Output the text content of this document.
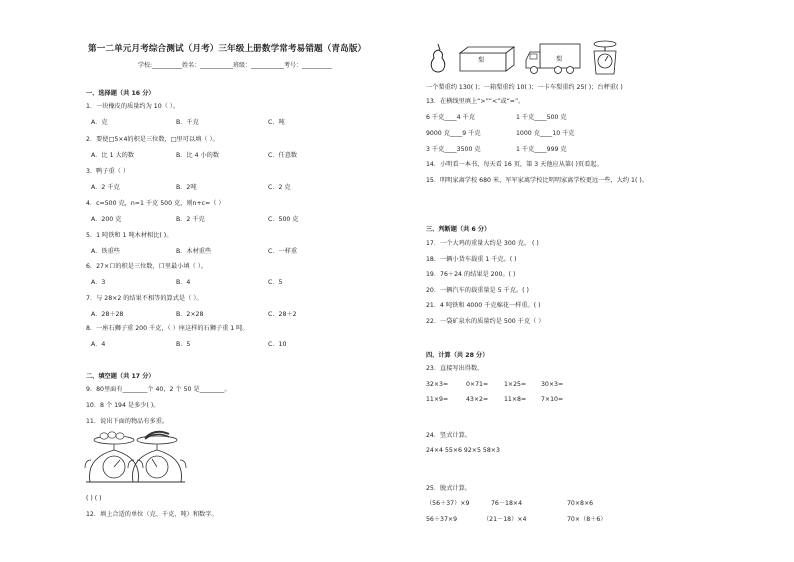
第一二单元月考综合测试（月考）三年级上册数学常考易错题（青岛版）
学校:__________姓名：___________班级：___________考号：__________
一、选择题（共 16 分）
1．一块橡皮的质量约为 10（ ）。
A．克	B．千克	C．吨
2．要使□5×4的积是三位数，□里可以填（ ）。
A．比 1 大的数	B．比 4 小的数	C．任意数
3．鸭子重（ ）
A．2 千克	B．2吨	C．2 克
4．c=500 克，n=1 千克 500 克，则n+c=（ ）
A．200 克	B．2 千克	C．500 克
5．1 吨铁和 1 吨木材相比( )。
A．铁重些	B．木材重些	C．一样重
6．27×口的积是三位数，口里最小填（ ）。
A．3	B．4	C．5
7．与 28×2 的结果不相等的算式是（ ）。
A．28＋28	B．2×28	C．28＋2
8．一座石狮子重 200 千克，（ ）座这样的石狮子重 1 吨。
A．4	B．5	C．10
二、填空题（共 17 分）
9．80里面有________个 40，2 个 50 是________。
10．8 个 194 是多少( )。
11．说出下面的物品有多重。
( ) ( )
12．填上合适的单位（克、千克、吨）和数字。
梨	梨
一个梨重约 130( )；一箱梨重约 10( )；一卡车梨重约 25( )；台秤重( )
13．在横线里填上“>”“<”或“=”。
6 千克____4 千克	1 千克____500 克
9000 克____9 千克	1000 克____10 千克
3 千克____3500 克	1 千克____999 克
14．小明看一本书，每天看 16 页，第 3 天他应从第( )页看起。
15．明明家离学校 680 米，军军家离学校比明明家离学校更远一些，大约 1( )。
三、判断题（共 6 分）
17．一个大鸡的重量大约是 300 克。 ( )
18．一辆小货车载重 1 千克。( )
19．76＋24 的结果是 200。( )
20．一辆汽车的载重量是 5 千克。( )
21．4 吨铁和 4000 千克棉花一样重。( )
22．一袋矿泉水的质量约是 500 千克（ ）
四、计算（共 28 分）
23．直接写出得数。
32×3=	0×71=	1×25= 30×3=
11×9=	43×2=	11×8= 7×10=
24．竖式计算。
24×4 55×6 92×5 58×3
25．脱式计算。
（56＋37）×9	76－18×4	70×8×6
56＋37×9	（21－18）×4	70×（8＋6）
